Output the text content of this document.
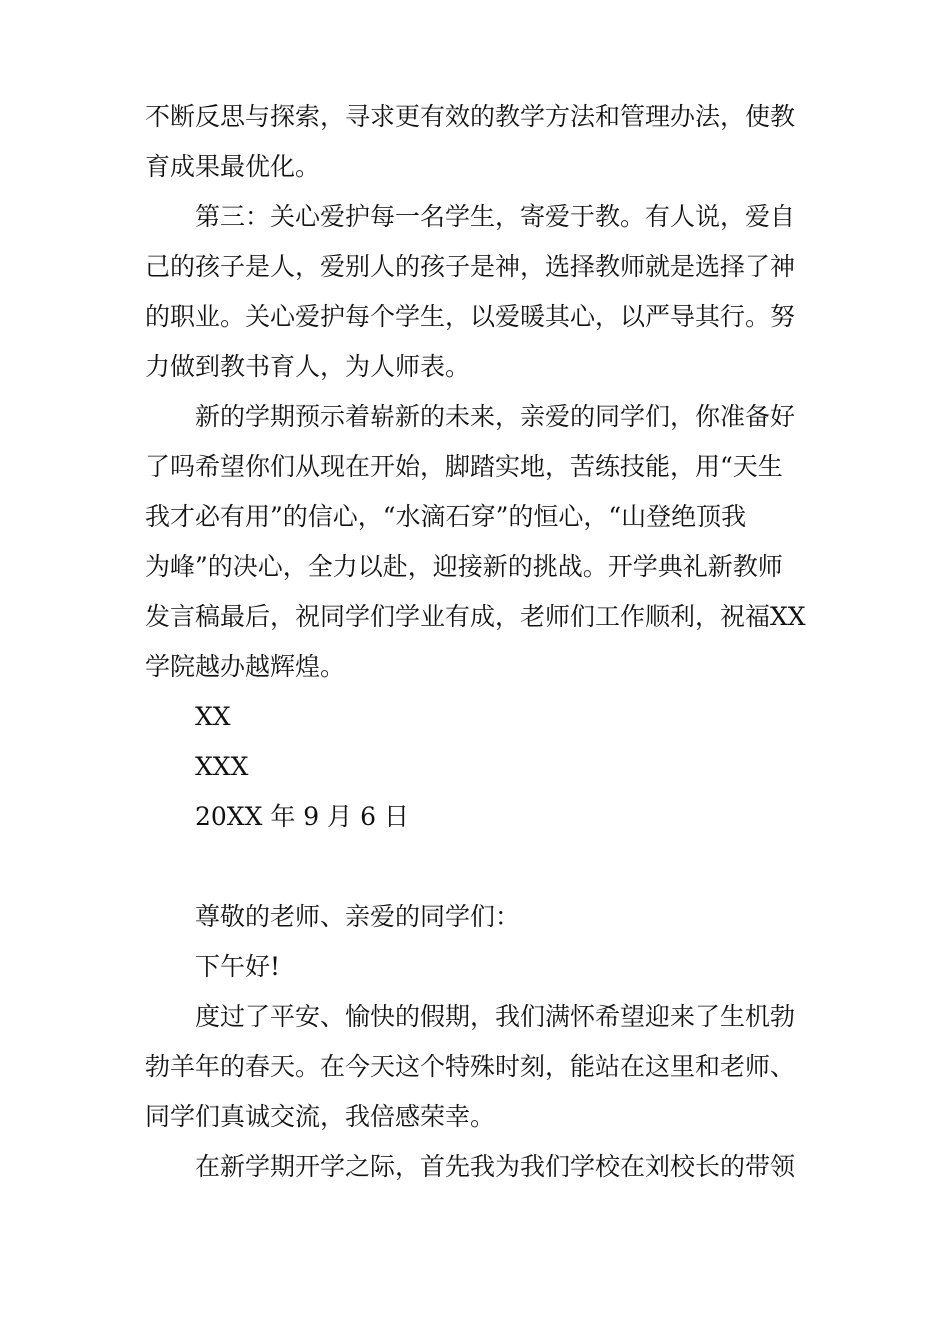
不断反思与探索，寻求更有效的教学方法和管理办法，使教

育成果最优化。

第三：关心爱护每一名学生，寄爱于教。有人说，爱自

己的孩子是人，爱别人的孩子是神，选择教师就是选择了神

的职业。关心爱护每个学生，以爱暖其心，以严导其行。努

力做到教书育人，为人师表。

新的学期预示着崭新的未来，亲爱的同学们，你准备好

了吗希望你们从现在开始，脚踏实地，苦练技能，用“天生

我才必有用”的信心，“水滴石穿”的恒心，“山登绝顶我

为峰”的决心，全力以赴，迎接新的挑战。开学典礼新教师

发言稿最后，祝同学们学业有成，老师们工作顺利，祝福XX

学院越办越辉煌。

XX

XXX

20XX 年 9 月 6 日

尊敬的老师、亲爱的同学们：

下午好!

度过了平安、愉快的假期，我们满怀希望迎来了生机勃

勃羊年的春天。在今天这个特殊时刻，能站在这里和老师、

同学们真诚交流，我倍感荣幸。

在新学期开学之际，首先我为我们学校在刘校长的带领
